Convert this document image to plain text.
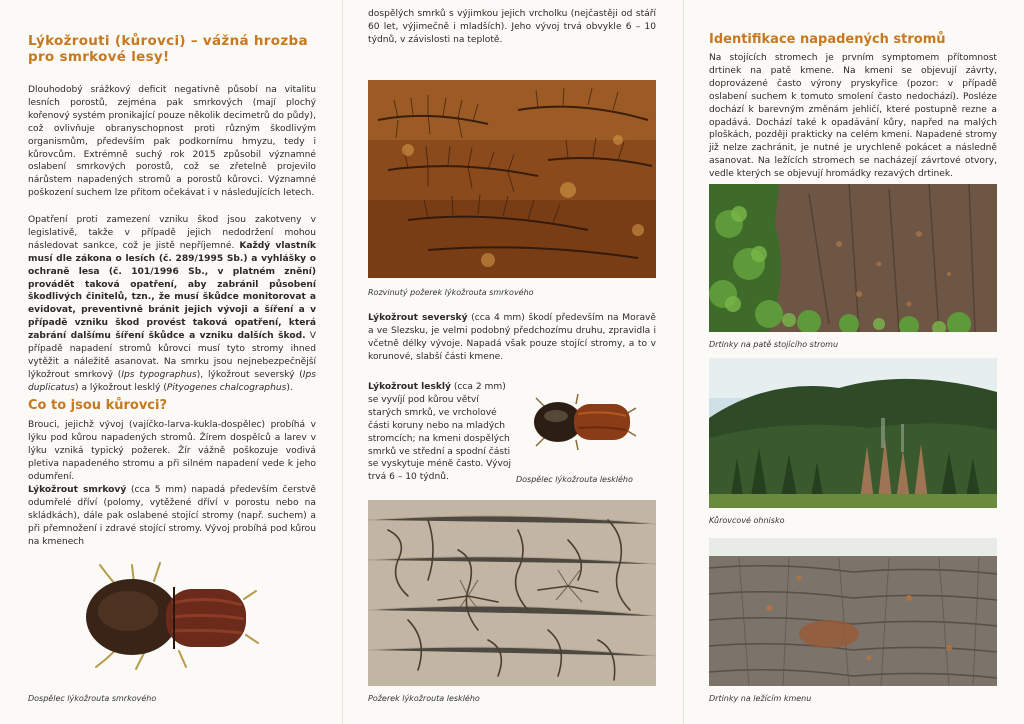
Lýkožrouti (kůrovci) – vážná hrozba pro smrkové lesy!
Dlouhodobý srážkový deficit negativně působí na vitalitu lesních porostů, zejména pak smrkových (mají plochý kořenový systém pronikající pouze několik decimetrů do půdy), což ovlivňuje obranyschopnost proti různým škodlivým organismům, především pak podkornímu hmyzu, tedy i kůrovcům. Extrémně suchý rok 2015 způsobil významné oslabení smrkových porostů, což se zřetelně projevilo nárůstem napadených stromů a porostů kůrovci. Významné poškození suchem lze přitom očekávat i v následujících letech.
Opatření proti zamezení vzniku škod jsou zakotveny v legislativě, takže v případě jejich nedodržení mohou následovat sankce, což je jistě nepříjemné. Každý vlastník musí dle zákona o lesích (č. 289/1995 Sb.) a vyhlášky o ochraně lesa (č. 101/1996 Sb., v platném znění) provádět taková opatření, aby zabránil působení škodlivých činitelů, tzn., že musí škůdce monitorovat a evidovat, preventivně bránit jejich vývoji a šíření a v případě vzniku škod provést taková opatření, která zabrání dalšímu šíření škůdce a vzniku dalších škod. V případě napadení stromů kůrovci musí tyto stromy ihned vytěžit a náležitě asanovat. Na smrku jsou nejnebezpečnější lýkožrout smrkový (Ips typographus), lýkožrout severský (Ips duplicatus) a lýkožrout lesklý (Pityogenes chalcographus).
Co to jsou kůrovci?
Brouci, jejichž vývoj (vajíčko-larva-kukla-dospělec) probíhá v lýku pod kůrou napadených stromů. Žírem dospělců a larev v lýku vzniká typický požerek. Žír vážně poškozuje vodivá pletiva napadeného stromu a při silném napadení vede k jeho odumření.
Lýkožrout smrkový (cca 5 mm) napadá především čerstvě odumřelé dříví (polomy, vytěžené dříví v porostu nebo na skládkách), dále pak oslabené stojící stromy (např. suchem) a při přemnožení i zdravé stojící stromy. Vývoj probíhá pod kůrou na kmenech
Dospělec lýkožrouta smrkového
dospělých smrků s výjimkou jejich vrcholku (nejčastěji od stáří 60 let, výjimečně i mladších). Jeho vývoj trvá obvykle 6 – 10 týdnů, v závislosti na teplotě.
Rozvinutý požerek lýkožrouta smrkového
Lýkožrout severský (cca 4 mm) škodí především na Moravě a ve Slezsku, je velmi podobný předchozímu druhu, zpravidla i včetně délky vývoje. Napadá však pouze stojící stromy, a to v korunové, slabší části kmene.
Lýkožrout lesklý (cca 2 mm) se vyvíjí pod kůrou větví starých smrků, ve vrcholové části koruny nebo na mladých stromcích; na kmeni dospělých smrků ve střední a spodní části se vyskytuje méně často. Vývoj trvá 6 – 10 týdnů.	Dospělec lýkožrouta lesklého
Požerek lýkožrouta lesklého
Identifikace napadených stromů
Na stojících stromech je prvním symptomem přítomnost drtinek na patě kmene. Na kmeni se objevují závrty, doprovázené často výrony pryskyřice (pozor: v případě oslabení suchem k tomuto smolení často nedochází). Posléze dochází k barevným změnám jehličí, které postupně rezne a opadává. Dochází také k opadávání kůry, napřed na malých ploškách, později prakticky na celém kmeni. Napadené stromy již nelze zachránit, je nutné je urychleně pokácet a následně asanovat. Na ležících stromech se nacházejí závrtové otvory, vedle kterých se objevují hromádky rezavých drtinek.
Drtinky na patě stojícího stromu
Kůrovcové ohnisko
Drtinky na ležícím kmenu
